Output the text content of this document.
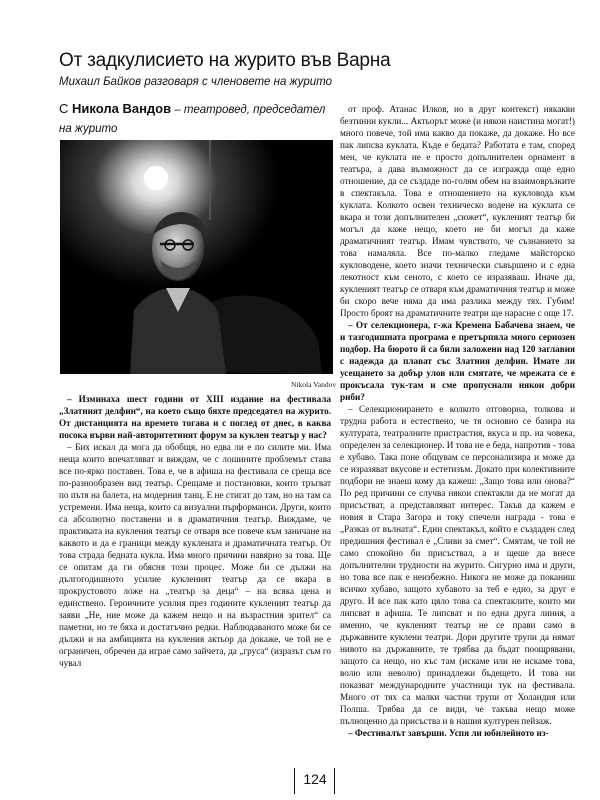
От задкулисието на журито във Варна

Михаил Байков разговаря с членовете на журито

С Никола Вандов – театровед, председател на журито

Nikola Vandov

– Изминаха шест години от XIII издание на фестивала „Златният делфин“, на което също бяхте председател на журито. От дистанцията на времето тогава и с поглед от днес, в каква посока върви най-авторитетният форум за куклен театър у нас?

– Бих искал да мога да обобщя, но едва ли е по силите ми. Има неща които впечатляват и виждам, че с лошините проблемът става все по-ярко поставен. Това е, че в афиша на фестивала се среща все по-разнообразен вид театър. Срещаме и постановки, които тръгват по пътя на балета, на модерния танц. Е не стигат до там, но на там са устремени. Има неща, които са визуални пърформанси. Други, които са абсолютно поставени и в драматичния театър. Виждаме, че практиката на кукления театър се отваря все повече към заничане на каквото и да е граници между куклената и драматичната театър. От това страда бедната кукла. Има много причини навярно за това. Ще се опитам да ги обясня този процес. Може би се дължи на дългогодишното усилие кукленият театър да се вкара в прокрустовото ложе на „театър за деца“ – на всяка цена и единствено. Героичните усилия през годините кукленият театър да заяви „Не, ние може да кажем нещо и на възрастния зрител“ са паметни, но те бяха и достатъчно редки. Наблюдаваното може би се дължи и на амбицията на кукления актьор да докаже, че той не е ограничен, обречен да играе само зайчета, да „груса“ (изразът съм го чувал

от проф. Атанас Илков, но в друг контекст) някакви безтинни кукли... Актьорът може (и някои наистина могат!) много повече, той има какво да покаже, да докаже. Но все пак липсва куклата. Къде е бедата? Работата е там, според мен, че куклата не е просто допълнителен орнамент в театъра, а дава възможност да се изгражда още едно отношение, да се създаде по-голям обем на взаимовръзките в спектакъла. Това е отношението на кукловода към куклата. Колкото освен техническо водене на куклата се вкара и този допълнителен „сюжет“, кукленият театър би могъл да каже нещо, което не би могъл да каже драматичният театър. Имам чувството, че съзнанието за това намаляла. Все по-малко гледаме майсторско кукловодене, което значи технически съвършено и с една лекотност към сеното, с което се изразяваш. Иначе да, кукленият театър се отваря към драматичния театър и може би скоро вече няма да има разлика между тях. Губим! Просто броят на драматичните театри ще нарасне с още 17.

– От селекционера, г-жа Кремена Бабачева знаем, че и тазгодишната програма е претърпяла много сериозен подбор. На бюрото й са били заложени над 120 заглавия с надежда да плават със Златния делфин. Имате ли усещането за добър улов или смятате, че мрежата се е прокъсала тук-там и сме пропуснали някои добри риби?

– Селекционирането е колкото отговорна, толкова и трудна работа и естествено, че тя основно се базира на културата, театралните пристрастия, вкуса и пр. на човека, определен за селекционер. И това не е беда, напротив - това е хубаво. Така поне общувам се персонализира и може да се изразяват вкусове и естетизъм. Докато при колективните подбори не знаеш кому да кажеш: „Защо това или онова?“ По ред причини се случва някои спектакли да не могат да присъстват, а представляват интерес. Такъв да кажем е новия в Стара Загора и току спечели награда - това е „Разказ от вълната“. Един спектакъл, който е създаден след предишния фестивал е „Сливи за смет“. Смятам, че той не само спокойно би присъствал, а и щеше да внесе допълнителни трудности на журито. Сигурно има и други, но това все пак е неизбежно. Никога не може да поканиш всичко хубаво, защото хубавото за теб е едно, за друг е друго. И все пак като цяло това са спектаклите, които ми липсват в афиша. Те липсват и по една друга линия, а именно, че кукленият театър не се прави само в държавните куклени театри. Дори другите трупи да нямат нивото на държавните, те трябва да бъдат поощрявани, защото са нещо, но къс там (искаме или не искаме това, волю или неволю) принадлежи бъдещето. И това ни показват международните участници тук на фестивала. Много от тях са малки частни трупи от Холандия или Полша. Трябва да се види, че такъва нещо може пълноценно да присъства и в нашия културен пейзаж.

– Фестивалът завърши. Успя ли юбилейното из-

124
